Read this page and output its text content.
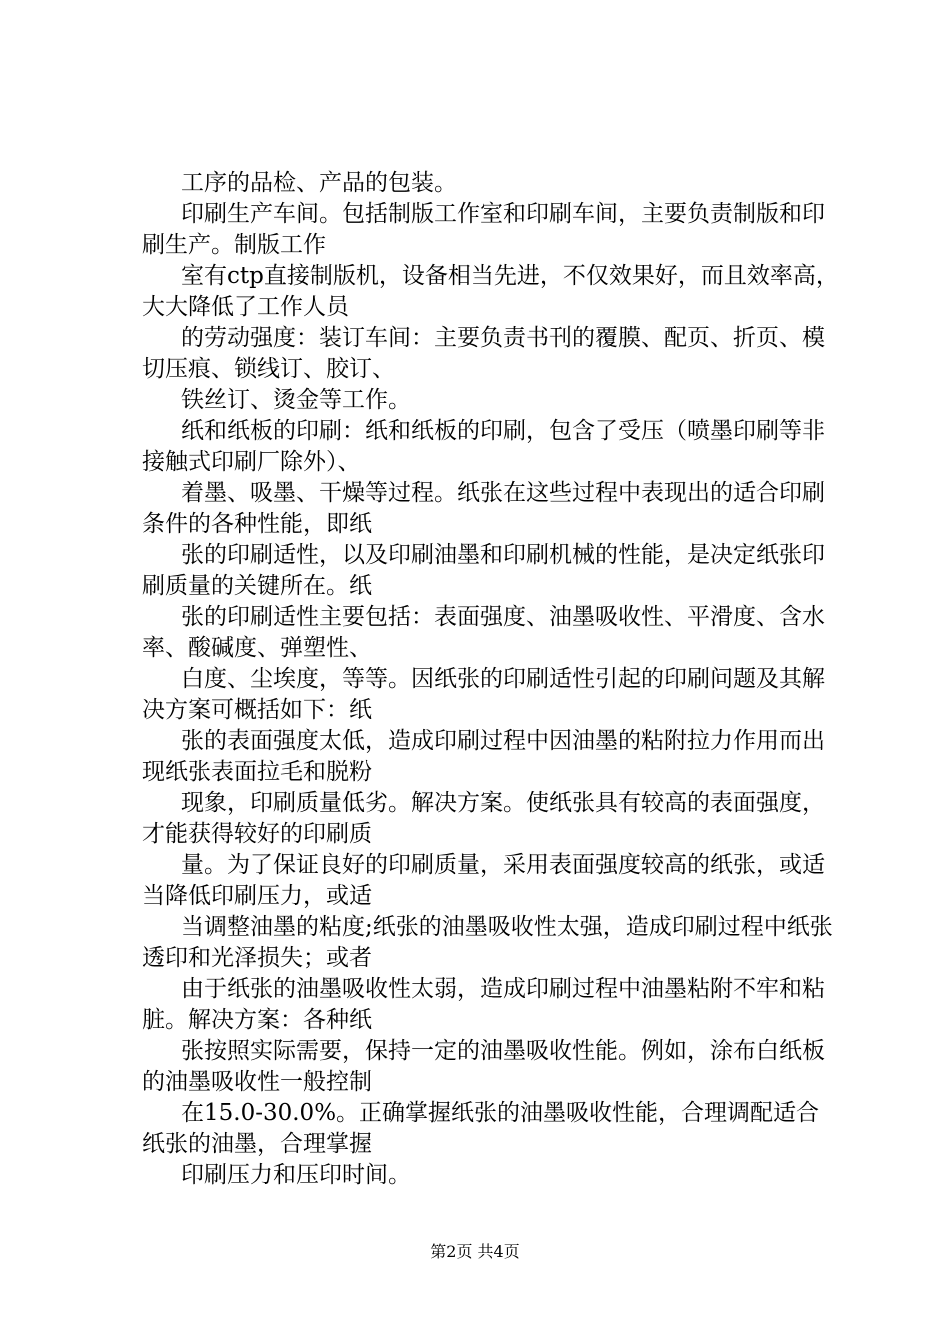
工序的品检、产品的包装。

印刷生产车间。包括制版工作室和印刷车间，主要负责制版和印刷生产。制版工作

室有ctp直接制版机，设备相当先进，不仅效果好，而且效率高，大大降低了工作人员

的劳动强度：装订车间：主要负责书刊的覆膜、配页、折页、模切压痕、锁线订、胶订、

铁丝订、烫金等工作。

纸和纸板的印刷：纸和纸板的印刷，包含了受压（喷墨印刷等非接触式印刷厂除外）、

着墨、吸墨、干燥等过程。纸张在这些过程中表现出的适合印刷条件的各种性能，即纸

张的印刷适性，以及印刷油墨和印刷机械的性能，是决定纸张印刷质量的关键所在。纸

张的印刷适性主要包括：表面强度、油墨吸收性、平滑度、含水率、酸碱度、弹塑性、

白度、尘埃度，等等。因纸张的印刷适性引起的印刷问题及其解决方案可概括如下：纸

张的表面强度太低，造成印刷过程中因油墨的粘附拉力作用而出现纸张表面拉毛和脱粉

现象，印刷质量低劣。解决方案。使纸张具有较高的表面强度，才能获得较好的印刷质

量。为了保证良好的印刷质量，采用表面强度较高的纸张，或适当降低印刷压力，或适

当调整油墨的粘度;纸张的油墨吸收性太强，造成印刷过程中纸张透印和光泽损失；或者

由于纸张的油墨吸收性太弱，造成印刷过程中油墨粘附不牢和粘脏。解决方案：各种纸

张按照实际需要，保持一定的油墨吸收性能。例如，涂布白纸板的油墨吸收性一般控制

在15.0-30.0%。正确掌握纸张的油墨吸收性能，合理调配适合纸张的油墨，合理掌握

印刷压力和压印时间。

第2页 共4页
